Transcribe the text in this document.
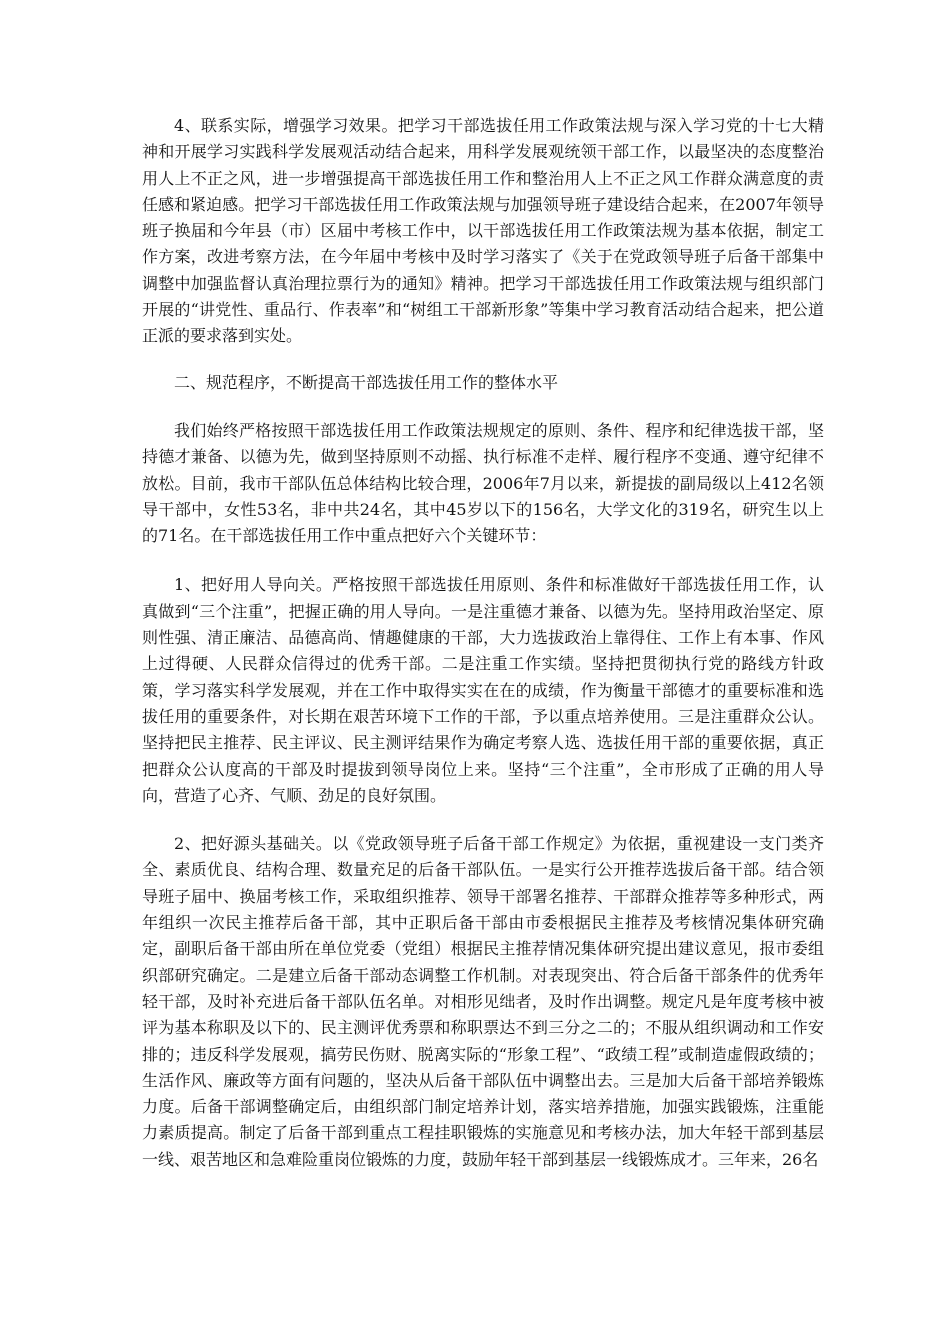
4、联系实际，增强学习效果。把学习干部选拔任用工作政策法规与深入学习党的十七大精神和开展学习实践科学发展观活动结合起来，用科学发展观统领干部工作，以最坚决的态度整治用人上不正之风，进一步增强提高干部选拔任用工作和整治用人上不正之风工作群众满意度的责任感和紧迫感。把学习干部选拔任用工作政策法规与加强领导班子建设结合起来，在2007年领导班子换届和今年县（市）区届中考核工作中，以干部选拔任用工作政策法规为基本依据，制定工作方案，改进考察方法，在今年届中考核中及时学习落实了《关于在党政领导班子后备干部集中调整中加强监督认真治理拉票行为的通知》精神。把学习干部选拔任用工作政策法规与组织部门开展的“讲党性、重品行、作表率”和“树组工干部新形象”等集中学习教育活动结合起来，把公道正派的要求落到实处。

二、规范程序，不断提高干部选拔任用工作的整体水平

我们始终严格按照干部选拔任用工作政策法规规定的原则、条件、程序和纪律选拔干部，坚持德才兼备、以德为先，做到坚持原则不动摇、执行标准不走样、履行程序不变通、遵守纪律不放松。目前，我市干部队伍总体结构比较合理，2006年7月以来，新提拔的副局级以上412名领导干部中，女性53名，非中共24名，其中45岁以下的156名，大学文化的319名，研究生以上的71名。在干部选拔任用工作中重点把好六个关键环节：

1、把好用人导向关。严格按照干部选拔任用原则、条件和标准做好干部选拔任用工作，认真做到“三个注重”，把握正确的用人导向。一是注重德才兼备、以德为先。坚持用政治坚定、原则性强、清正廉洁、品德高尚、情趣健康的干部，大力选拔政治上靠得住、工作上有本事、作风上过得硬、人民群众信得过的优秀干部。二是注重工作实绩。坚持把贯彻执行党的路线方针政策，学习落实科学发展观，并在工作中取得实实在在的成绩，作为衡量干部德才的重要标准和选拔任用的重要条件，对长期在艰苦环境下工作的干部，予以重点培养使用。三是注重群众公认。坚持把民主推荐、民主评议、民主测评结果作为确定考察人选、选拔任用干部的重要依据，真正把群众公认度高的干部及时提拔到领导岗位上来。坚持“三个注重”，全市形成了正确的用人导向，营造了心齐、气顺、劲足的良好氛围。

2、把好源头基础关。以《党政领导班子后备干部工作规定》为依据，重视建设一支门类齐全、素质优良、结构合理、数量充足的后备干部队伍。一是实行公开推荐选拔后备干部。结合领导班子届中、换届考核工作，采取组织推荐、领导干部署名推荐、干部群众推荐等多种形式，两年组织一次民主推荐后备干部，其中正职后备干部由市委根据民主推荐及考核情况集体研究确定，副职后备干部由所在单位党委（党组）根据民主推荐情况集体研究提出建议意见，报市委组织部研究确定。二是建立后备干部动态调整工作机制。对表现突出、符合后备干部条件的优秀年轻干部，及时补充进后备干部队伍名单。对相形见绌者，及时作出调整。规定凡是年度考核中被评为基本称职及以下的、民主测评优秀票和称职票达不到三分之二的；不服从组织调动和工作安排的；违反科学发展观，搞劳民伤财、脱离实际的“形象工程”、“政绩工程”或制造虚假政绩的；生活作风、廉政等方面有问题的，坚决从后备干部队伍中调整出去。三是加大后备干部培养锻炼力度。后备干部调整确定后，由组织部门制定培养计划，落实培养措施，加强实践锻炼，注重能力素质提高。制定了后备干部到重点工程挂职锻炼的实施意见和考核办法，加大年轻干部到基层一线、艰苦地区和急难险重岗位锻炼的力度，鼓励年轻干部到基层一线锻炼成才。三年来，26名
